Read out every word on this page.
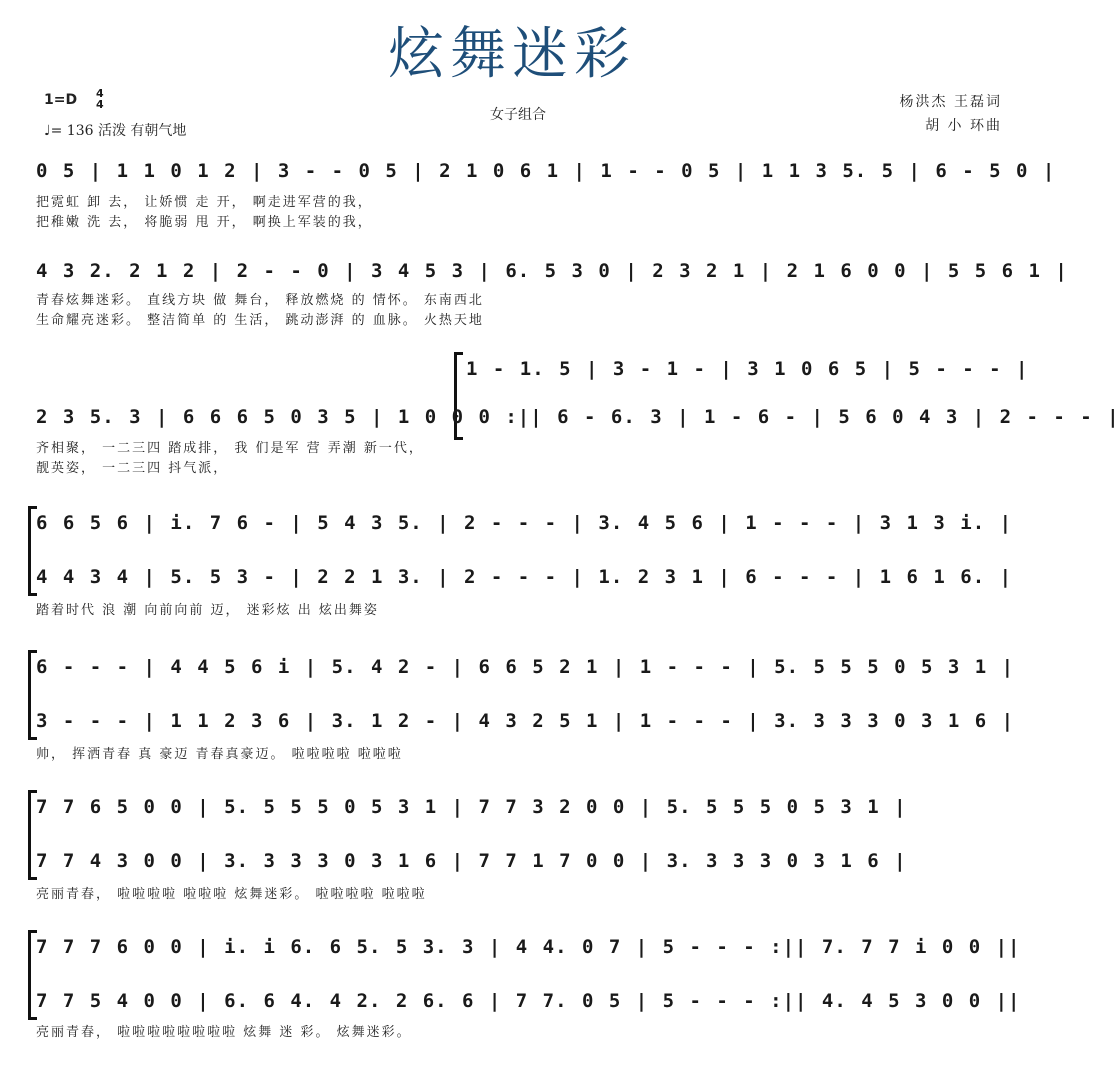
炫舞迷彩
1=D 4
4
♩= 136 活泼 有朝气地
女子组合
杨洪杰 王磊词
胡 小 环曲
0 5 | 1 1 0 1 2 | 3 - - 0 5 | 2 1 0 6 1 | 1 - - 0 5 | 1 1 3 5. 5 | 6 - 5 0 |
把霓虹 卸 去， 让娇惯 走 开， 啊走进军营的我，
把稚嫩 洗 去， 将脆弱 甩 开， 啊换上军装的我，
4 3 2. 2 1 2 | 2 - - 0 | 3 4 5 3 | 6. 5 3 0 | 2 3 2 1 | 2 1 6 0 0 | 5 5 6 1 |
青春炫舞迷彩。 直线方块 做 舞台， 释放燃烧 的 情怀。 东南西北
生命耀亮迷彩。 整洁简单 的 生活， 跳动澎湃 的 血脉。 火热天地
1 - 1. 5 | 3 - 1 - | 3 1 0 6 5 | 5 - - - |
2 3 5. 3 | 6 6 6 5 0 3 5 | 1 0 0 0 :|| 6 - 6. 3 | 1 - 6 - | 5 6 0 4 3 | 2 - - - |
齐相聚， 一二三四 踏成排， 我 们是军 营 弄潮 新一代，
靓英姿， 一二三四 抖气派，
6 6 5 6 | i. 7 6 - | 5 4 3 5. | 2 - - - | 3. 4 5 6 | 1 - - - | 3 1 3 i. |
4 4 3 4 | 5. 5 3 - | 2 2 1 3. | 2 - - - | 1. 2 3 1 | 6 - - - | 1 6 1 6. |
踏着时代 浪 潮 向前向前 迈， 迷彩炫 出 炫出舞姿
6 - - - | 4 4 5 6 i | 5. 4 2 - | 6 6 5 2 1 | 1 - - - | 5. 5 5 5 0 5 3 1 |
3 - - - | 1 1 2 3 6 | 3. 1 2 - | 4 3 2 5 1 | 1 - - - | 3. 3 3 3 0 3 1 6 |
帅， 挥洒青春 真 豪迈 青春真豪迈。 啦啦啦啦 啦啦啦
7 7 6 5 0 0 | 5. 5 5 5 0 5 3 1 | 7 7 3 2 0 0 | 5. 5 5 5 0 5 3 1 |
7 7 4 3 0 0 | 3. 3 3 3 0 3 1 6 | 7 7 1 7 0 0 | 3. 3 3 3 0 3 1 6 |
亮丽青春， 啦啦啦啦 啦啦啦 炫舞迷彩。 啦啦啦啦 啦啦啦
7 7 7 6 0 0 | i. i 6. 6 5. 5 3. 3 | 4 4. 0 7 | 5 - - - :|| 7. 7 7 i 0 0 ||
7 7 5 4 0 0 | 6. 6 4. 4 2. 2 6. 6 | 7 7. 0 5 | 5 - - - :|| 4. 4 5 3 0 0 ||
亮丽青春， 啦啦啦啦啦啦啦啦 炫舞 迷 彩。 炫舞迷彩。
